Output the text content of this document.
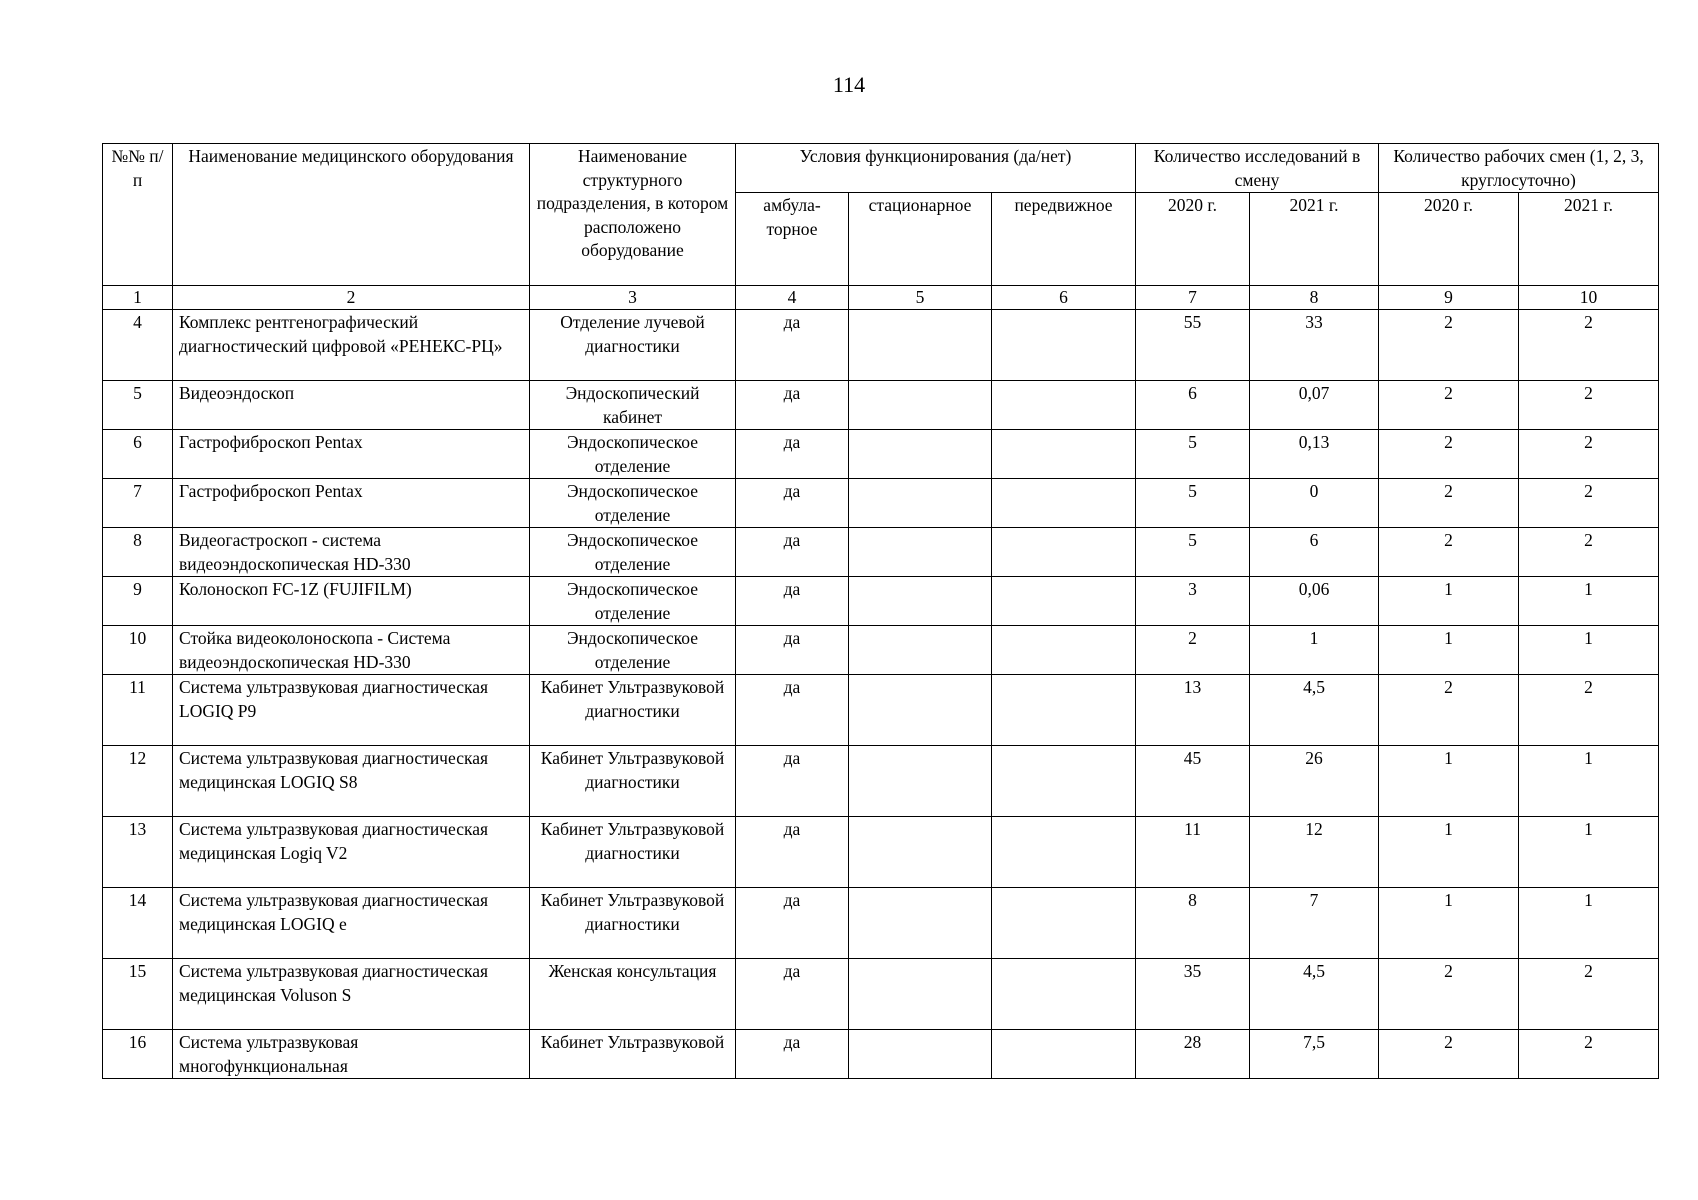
114
№№ п/п	Наименование медицинского оборудования	Наименование структурного подразделения, в котором расположено оборудование	Условия функционирования (да/нет)			Количество исследований в смену		Количество рабочих смен (1, 2, 3, круглосуточно)	
			амбула-торное	стационарное	передвижное	2020 г.	2021 г.	2020 г.	2021 г.
1	2	3	4	5	6	7	8	9	10
4	Комплекс рентгенографический диагностический цифровой «РЕНЕКС-РЦ»	Отделение лучевой диагностики	да			55	33	2	2
5	Видеоэндоскоп	Эндоскопический кабинет	да			6	0,07	2	2
6	Гастрофиброскоп Pentax	Эндоскопическое отделение	да			5	0,13	2	2
7	Гастрофиброскоп Pentax	Эндоскопическое отделение	да			5	0	2	2
8	Видеогастроскоп - система видеоэндоскопическая HD-330	Эндоскопическое отделение	да			5	6	2	2
9	Колоноскоп FC-1Z (FUJIFILM)	Эндоскопическое отделение	да			3	0,06	1	1
10	Стойка видеоколоноскопа - Система видеоэндоскопическая HD-330	Эндоскопическое отделение	да			2	1	1	1
11	Система ультразвуковая диагностическая LOGIQ P9	Кабинет Ультразвуковой диагностики	да			13	4,5	2	2
12	Система ультразвуковая диагностическая медицинская LOGIQ S8	Кабинет Ультразвуковой диагностики	да			45	26	1	1
13	Система ультразвуковая диагностическая медицинская Logiq V2	Кабинет Ультразвуковой диагностики	да			11	12	1	1
14	Система ультразвуковая диагностическая медицинская LOGIQ e	Кабинет Ультразвуковой диагностики	да			8	7	1	1
15	Система ультразвуковая диагностическая медицинская Voluson S	Женская консультация	да			35	4,5	2	2
16	Система ультразвуковая многофункциональная	Кабинет Ультразвуковой	да			28	7,5	2	2
